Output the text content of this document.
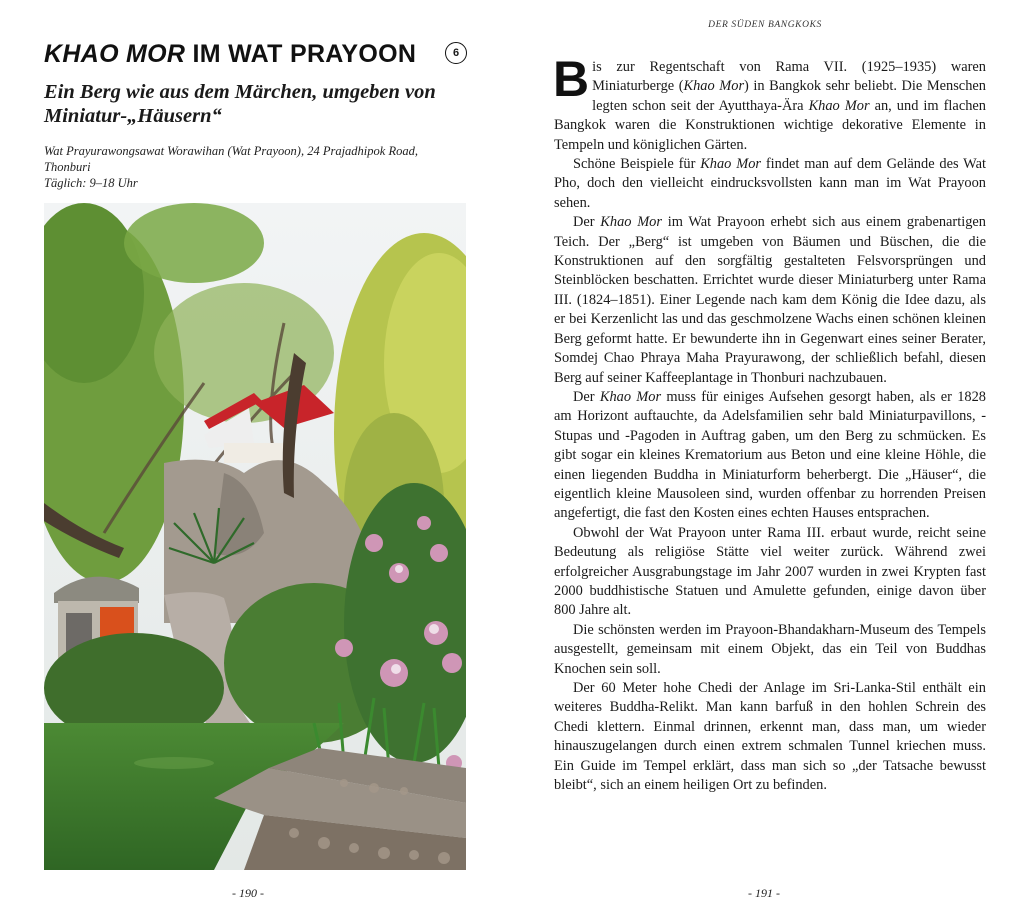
KHAO MOR IM WAT PRAYOON	6
Ein Berg wie aus dem Märchen, umgeben von Miniatur-„Häusern“
Wat Prayurawongsawat Worawihan (Wat Prayoon), 24 Prajadhipok Road,
Thonburi
Täglich: 9–18 Uhr
- 190 -
DER SÜDEN BANGKOKS

Bis zur Regentschaft von Rama VII. (1925–1935) waren Miniaturberge (Khao Mor) in Bangkok sehr beliebt. Die Menschen legten schon seit der Ayutthaya-Ära Khao Mor an, und im flachen Bangkok waren die Konstruktionen wichtige dekorative Elemente in Tempeln und königlichen Gärten.

Schöne Beispiele für Khao Mor findet man auf dem Gelände des Wat Pho, doch den vielleicht eindrucksvollsten kann man im Wat Prayoon sehen.

Der Khao Mor im Wat Prayoon erhebt sich aus einem grabenartigen Teich. Der „Berg“ ist umgeben von Bäumen und Büschen, die die Konstruktionen auf den sorgfältig gestalteten Felsvorsprüngen und Steinblöcken beschatten. Errichtet wurde dieser Miniaturberg unter Rama III. (1824–1851). Einer Legende nach kam dem König die Idee dazu, als er bei Kerzenlicht las und das geschmolzene Wachs einen schönen kleinen Berg geformt hatte. Er bewunderte ihn in Gegenwart eines seiner Berater, Somdej Chao Phraya Maha Prayurawong, der schließlich befahl, diesen Berg auf seiner Kaffeeplantage in Thonburi nachzubauen.

Der Khao Mor muss für einiges Aufsehen gesorgt haben, als er 1828 am Horizont auftauchte, da Adelsfamilien sehr bald Miniaturpavillons, -Stupas und -Pagoden in Auftrag gaben, um den Berg zu schmücken. Es gibt sogar ein kleines Krematorium aus Beton und eine kleine Höhle, die einen liegenden Buddha in Miniaturform beherbergt. Die „Häuser“, die eigentlich kleine Mausoleen sind, wurden offenbar zu horrenden Preisen angefertigt, die fast den Kosten eines echten Hauses entsprachen.

Obwohl der Wat Prayoon unter Rama III. erbaut wurde, reicht seine Bedeutung als religiöse Stätte viel weiter zurück. Während zwei erfolgreicher Ausgrabungstage im Jahr 2007 wurden in zwei Krypten fast 2000 buddhistische Statuen und Amulette gefunden, einige davon über 800 Jahre alt.

Die schönsten werden im Prayoon-Bhandakharn-Museum des Tempels ausgestellt, gemeinsam mit einem Objekt, das ein Teil von Buddhas Knochen sein soll.

Der 60 Meter hohe Chedi der Anlage im Sri-Lanka-Stil enthält ein weiteres Buddha-Relikt. Man kann barfuß in den hohlen Schrein des Chedi klettern. Einmal drinnen, erkennt man, dass man, um wieder hinauszugelangen durch einen extrem schmalen Tunnel kriechen muss. Ein Guide im Tempel erklärt, dass man sich so „der Tatsache bewusst bleibt“, sich an einem heiligen Ort zu befinden.

- 191 -
